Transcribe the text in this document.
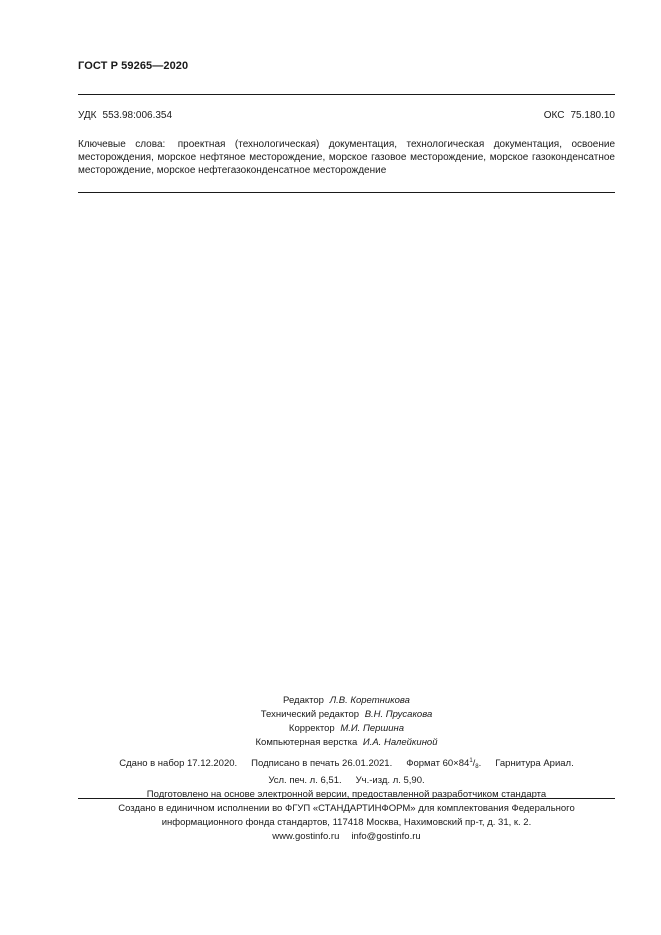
ГОСТ Р 59265—2020
УДК 553.98:006.354	ОКС 75.180.10
Ключевые слова: проектная (технологическая) документация, технологическая документация, освоение месторождения, морское нефтяное месторождение, морское газовое месторождение, морское газоконденсатное месторождение, морское нефтегазоконденсатное месторождение
Редактор Л.В. Коретникова
Технический редактор В.Н. Прусакова
Корректор М.И. Першина
Компьютерная верстка И.А. Налейкиной
Сдано в набор 17.12.2020. Подписано в печать 26.01.2021. Формат $60\times 84^1/_8$. Гарнитура Ариал.
Усл. печ. л. 6,51. Уч.-изд. л. 5,90.
Подготовлено на основе электронной версии, предоставленной разработчиком стандарта
Создано в единичном исполнении во ФГУП «СТАНДАРТИНФОРМ» для комплектования Федерального
информационного фонда стандартов, 117418 Москва, Нахимовский пр-т, д. 31, к. 2.
www.gostinfo.ru info@gostinfo.ru
